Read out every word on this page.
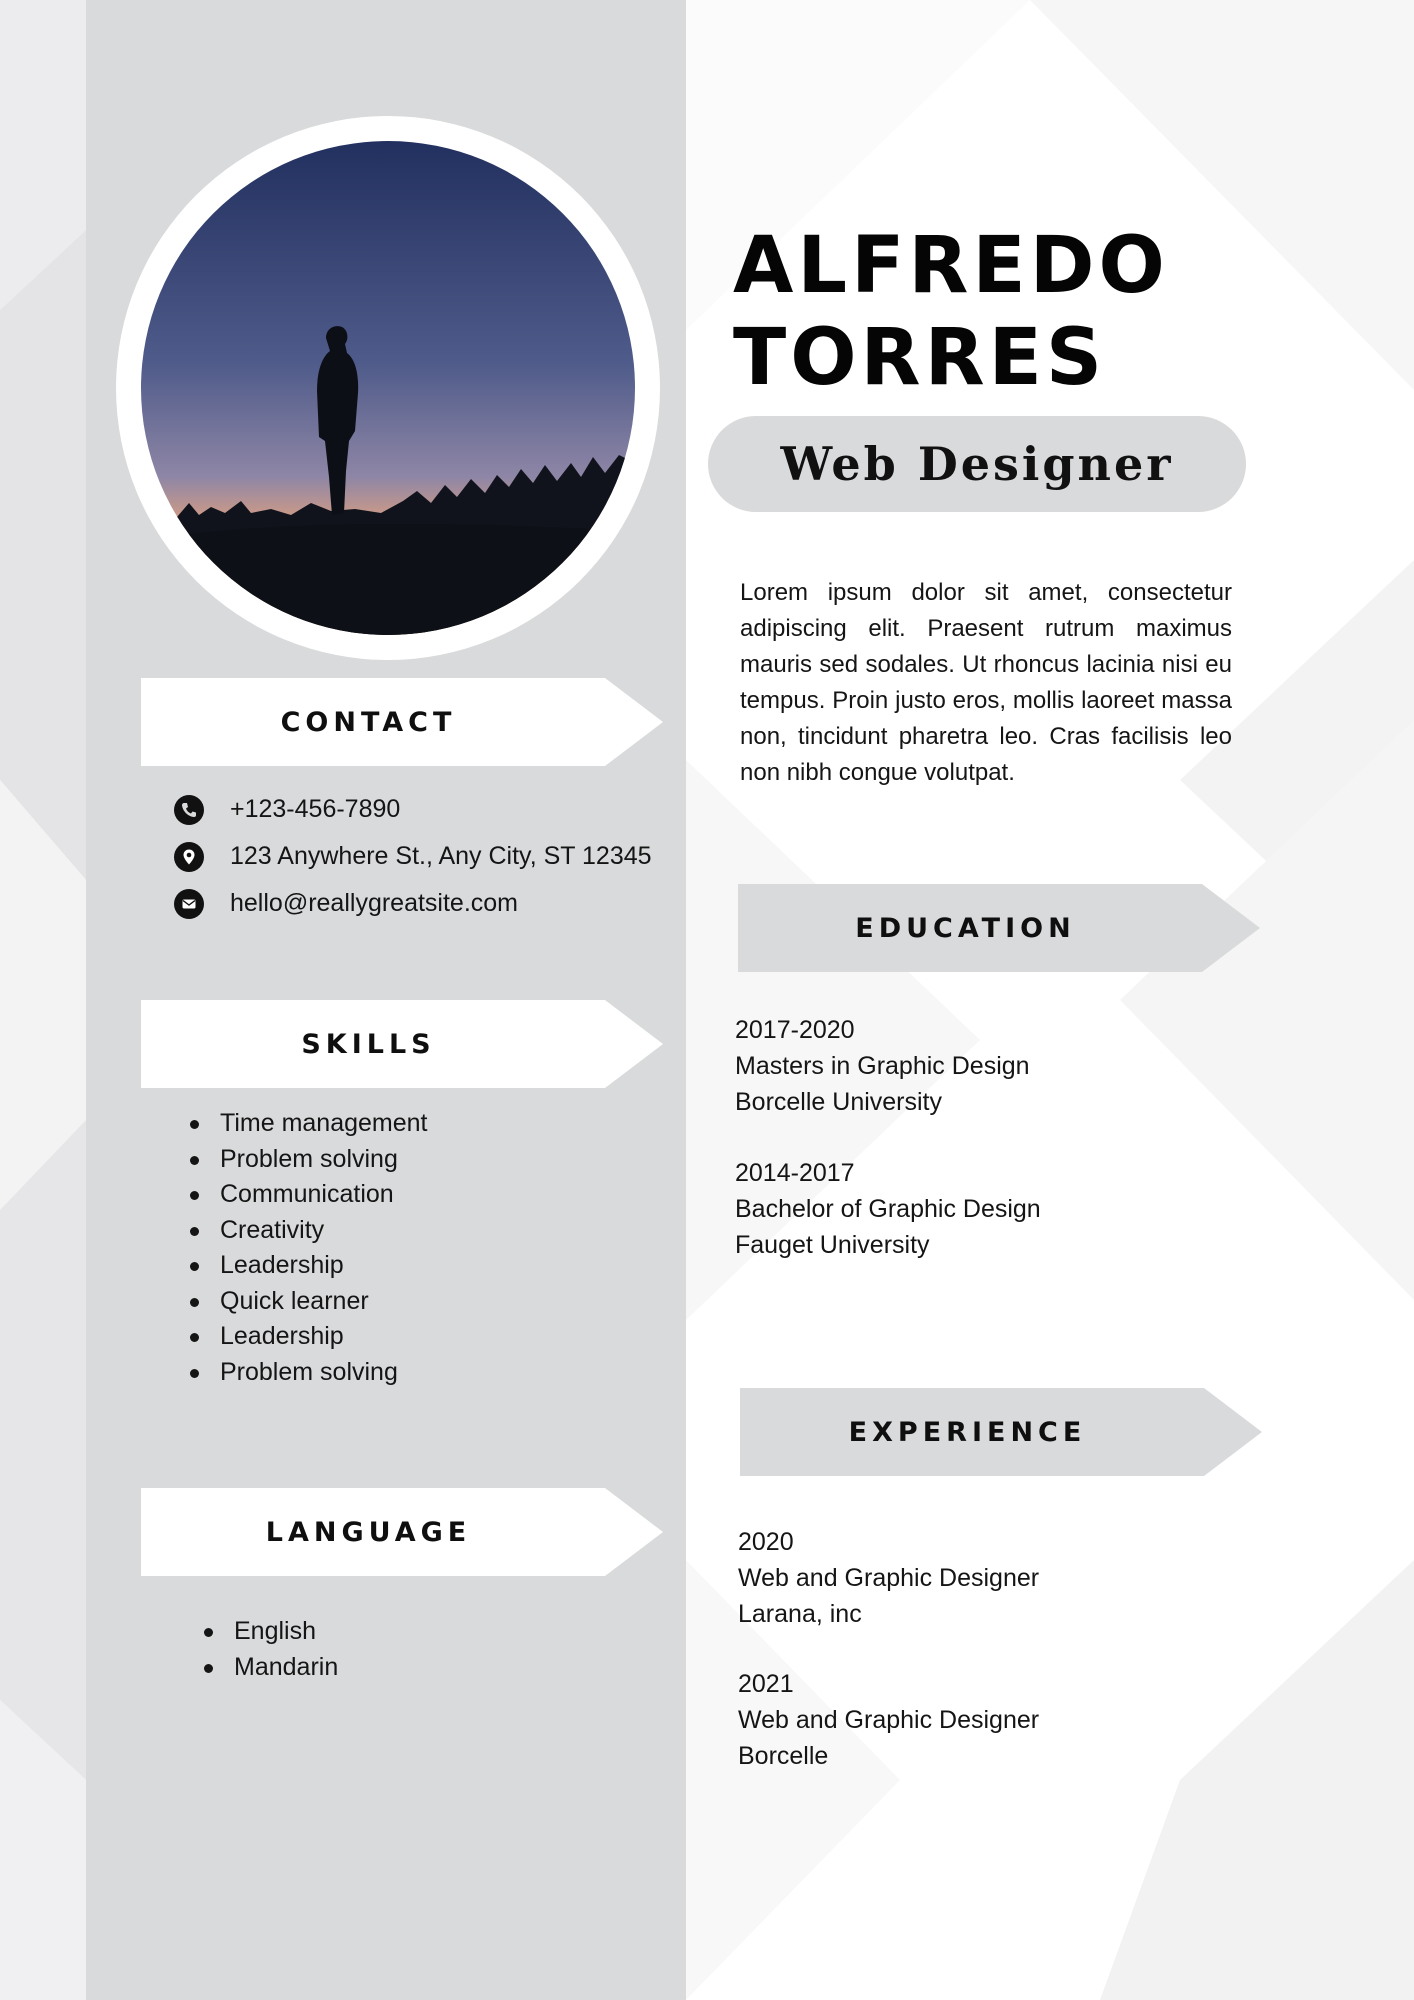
CONTACT
+123-456-7890
123 Anywhere St., Any City, ST 12345
hello@reallygreatsite.com
SKILLS
Time management
Problem solving
Communication
Creativity
Leadership
Quick learner
Leadership
Problem solving
LANGUAGE
English
Mandarin
ALFREDO
TORRES
Web Designer

Lorem ipsum dolor sit amet, consectetur adipiscing elit. Praesent rutrum maximus mauris sed sodales. Ut rhoncus lacinia nisi eu tempus. Proin justo eros, mollis laoreet massa non, tincidunt pharetra leo. Cras facilisis leo non nibh congue volutpat.

EDUCATION
2017-2020
Masters in Graphic Design
Borcelle University
2014-2017
Bachelor of Graphic Design
Fauget University
EXPERIENCE
2020
Web and Graphic Designer
Larana, inc
2021
Web and Graphic Designer
Borcelle
